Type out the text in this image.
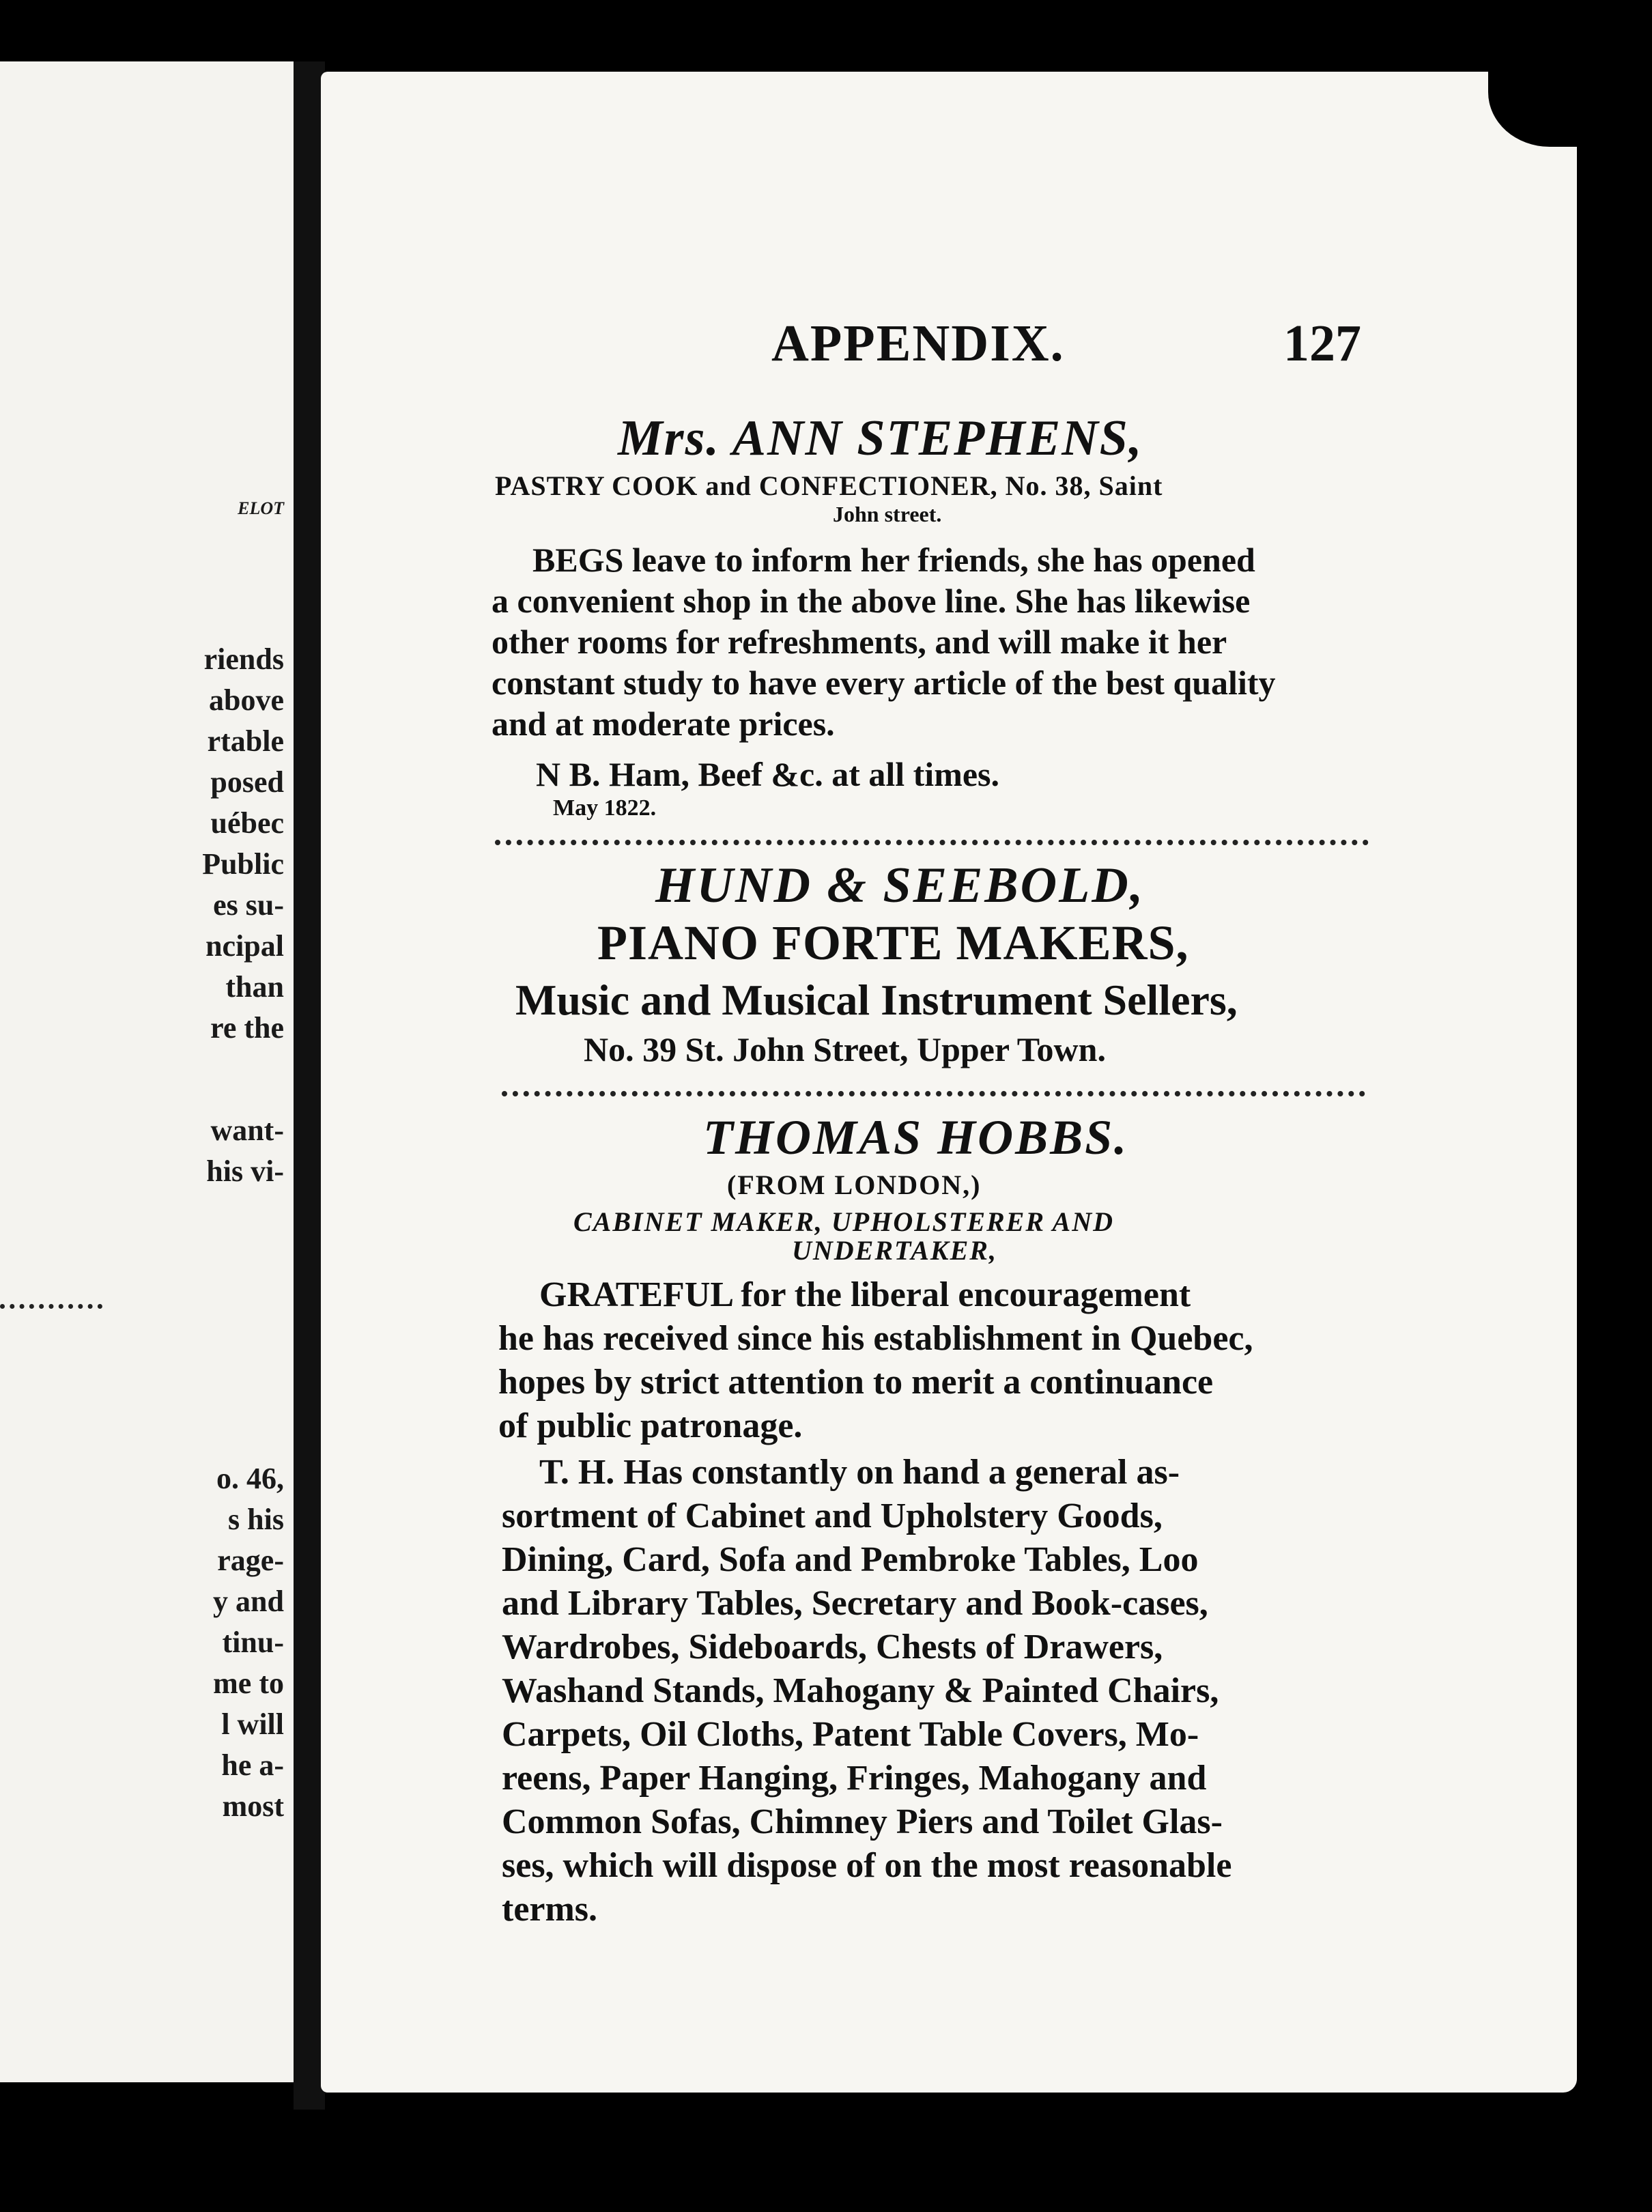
ELOT
riends
above
rtable
posed
uébec
Public
es su-
ncipal
than
re the
want-
his vi-
o. 46,
s his
rage-
y and
tinu-
me to
l will
he a-
most
APPENDIX.	127
Mrs. ANN STEPHENS,
PASTRY COOK and CONFECTIONER, No. 38, Saint
John street.
BEGS leave to inform her friends, she has opened
a convenient shop in the above line. She has likewise
other rooms for refreshments, and will make it her
constant study to have every article of the best quality
and at moderate prices.
N B. Ham, Beef &c. at all times.
May 1822.
HUND & SEEBOLD,
PIANO FORTE MAKERS,
Music and Musical Instrument Sellers,
No. 39 St. John Street, Upper Town.
THOMAS HOBBS.
(FROM LONDON,)
CABINET MAKER, UPHOLSTERER AND
UNDERTAKER,
GRATEFUL for the liberal encouragement
he has received since his establishment in Quebec,
hopes by strict attention to merit a continuance
of public patronage.
T. H. Has constantly on hand a general as-
sortment of Cabinet and Upholstery Goods,
Dining, Card, Sofa and Pembroke Tables, Loo
and Library Tables, Secretary and Book-cases,
Wardrobes, Sideboards, Chests of Drawers,
Washand Stands, Mahogany & Painted Chairs,
Carpets, Oil Cloths, Patent Table Covers, Mo-
reens, Paper Hanging, Fringes, Mahogany and
Common Sofas, Chimney Piers and Toilet Glas-
ses, which will dispose of on the most reasonable
terms.
